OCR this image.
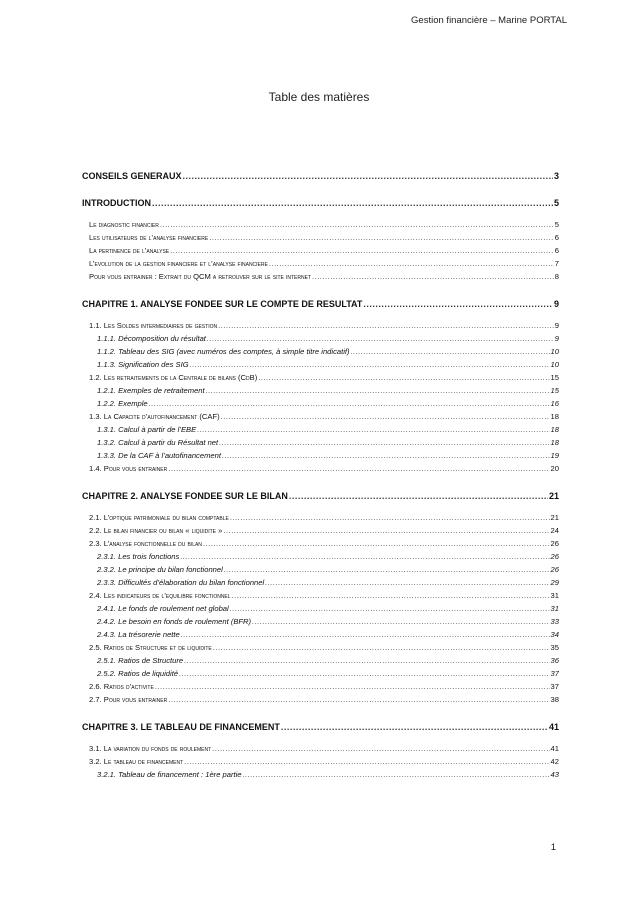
Gestion financière – Marine PORTAL
Table des matières
CONSEILS GENERAUX .....	3
INTRODUCTION .....	5
Le diagnostic financier .....	5
Les utilisateurs de l’analyse financiere .....	6
La pertinence de l’analyse .....	6
L’evolution de la gestion financiere et l’analyse financiere .....	7
Pour vous entrainer : Extrait du QCM a retrouver sur le site internet .....	8
CHAPITRE 1. ANALYSE FONDEE SUR LE COMPTE DE RESULTAT .....	9
1.1. Les Soldes intermediaires de gestion .....	9
1.1.1. Décomposition du résultat .....	9
1.1.2. Tableau des SIG (avec numéros des comptes, à simple titre indicatif) .....	10
1.1.3. Signification des SIG .....	10
1.2. Les retraitements de la Centrale de bilans (CdB) .....	15
1.2.1. Exemples de retraitement .....	15
1.2.2. Exemple .....	16
1.3. La Capacite d’autofinancement (CAF) .....	18
1.3.1. Calcul à partir de l’EBE .....	18
1.3.2. Calcul à partir du Résultat net .....	18
1.3.3. De la CAF à l’autofinancement .....	19
1.4. Pour vous entrainer .....	20
CHAPITRE 2. ANALYSE FONDEE SUR LE BILAN .....	21
2.1. L’optique patrimoniale du bilan comptable .....	21
2.2. Le bilan financier ou bilan « liquidite » .....	24
2.3. L’analyse fonctionnelle du bilan .....	26
2.3.1. Les trois fonctions .....	26
2.3.2. Le principe du bilan fonctionnel .....	26
2.3.3. Difficultés d’élaboration du bilan fonctionnel .....	29
2.4. Les indicateurs de l’equilibre fonctionnel .....	31
2.4.1. Le fonds de roulement net global .....	31
2.4.2. Le besoin en fonds de roulement (BFR) .....	33
2.4.3. La trésorerie nette .....	34
2.5. Ratios de Structure et de liquidite .....	35
2.5.1. Ratios de Structure .....	36
2.5.2. Ratios de liquidité .....	37
2.6. Ratios d’activite .....	37
2.7. Pour vous entrainer .....	38
CHAPITRE 3. LE TABLEAU DE FINANCEMENT .....	41
3.1. La variation du fonds de roulement .....	41
3.2. Le tableau de financement .....	42
3.2.1. Tableau de financement : 1ère partie .....	43
1
